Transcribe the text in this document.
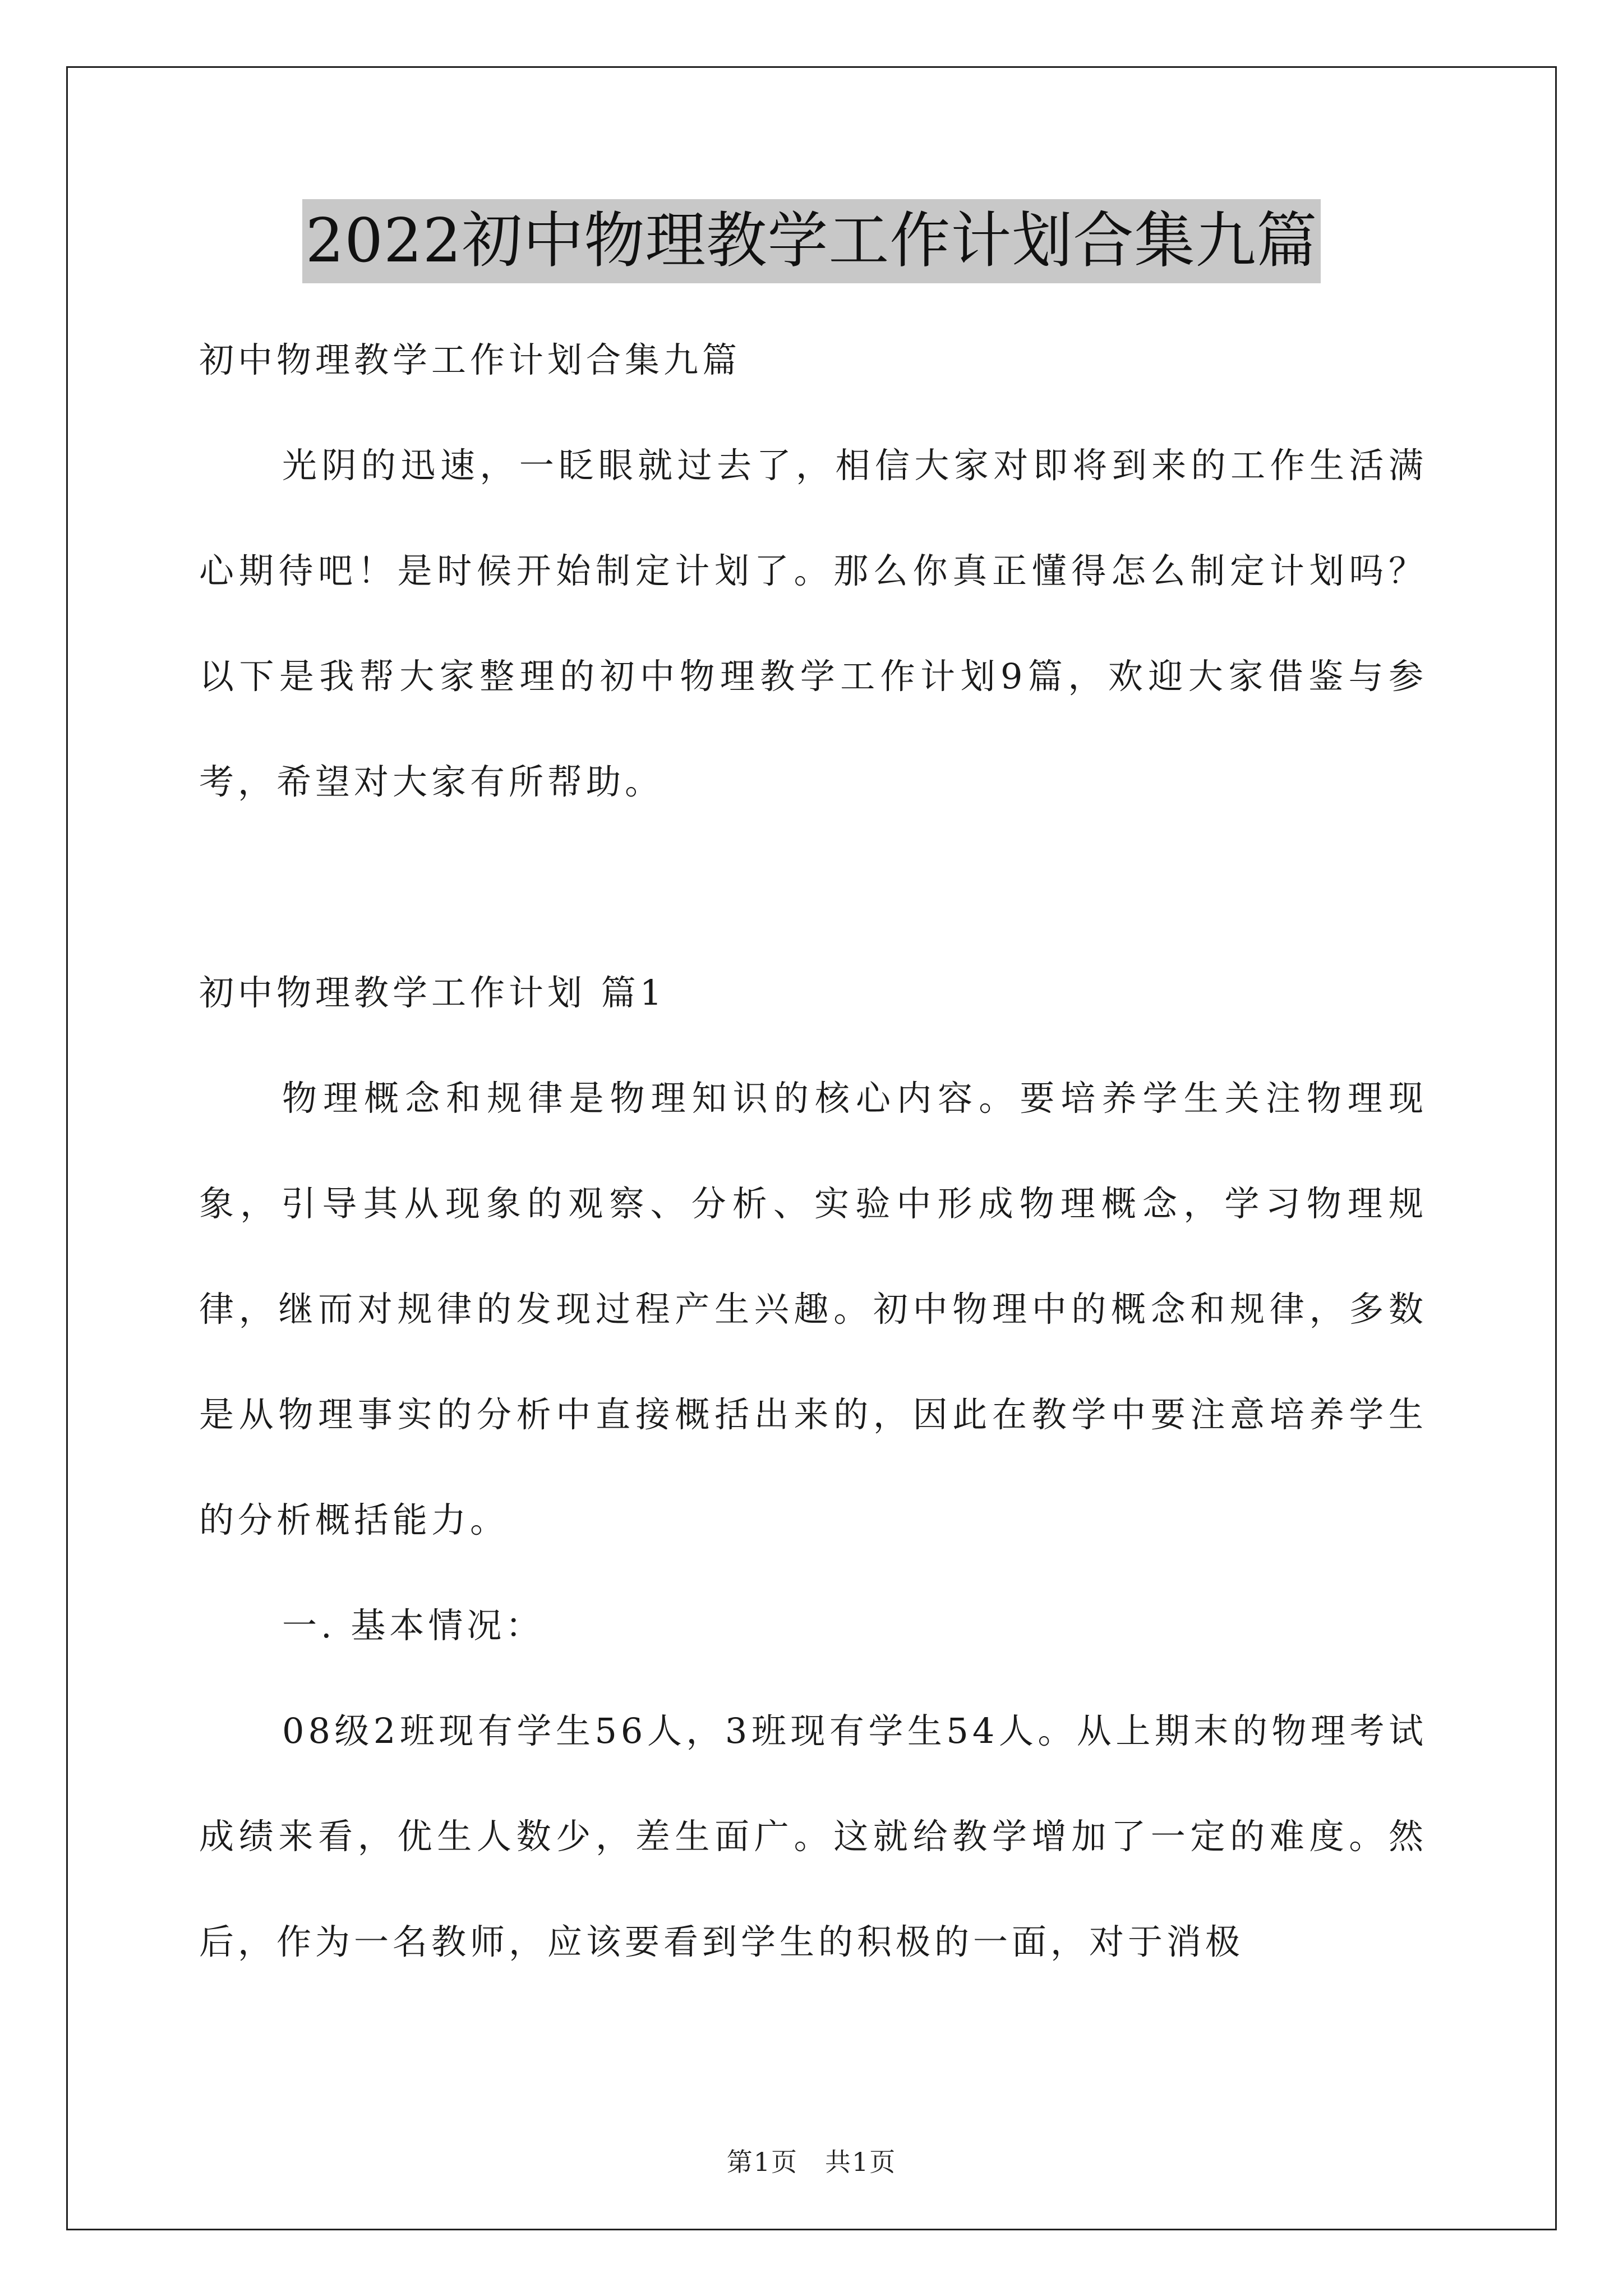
2022初中物理教学工作计划合集九篇

初中物理教学工作计划合集九篇

光阴的迅速，一眨眼就过去了，相信大家对即将到来的工作生活满心期待吧！是时候开始制定计划了。那么你真正懂得怎么制定计划吗？以下是我帮大家整理的初中物理教学工作计划9篇，欢迎大家借鉴与参考，希望对大家有所帮助。

初中物理教学工作计划 篇1

物理概念和规律是物理知识的核心内容。要培养学生关注物理现象，引导其从现象的观察、分析、实验中形成物理概念，学习物理规律，继而对规律的发现过程产生兴趣。初中物理中的概念和规律，多数是从物理事实的分析中直接概括出来的，因此在教学中要注意培养学生的分析概括能力。

一. 基本情况：

08级2班现有学生56人，3班现有学生54人。从上期末的物理考试成绩来看，优生人数少，差生面广。这就给教学增加了一定的难度。然后，作为一名教师，应该要看到学生的积极的一面，对于消极

第1页　共1页
